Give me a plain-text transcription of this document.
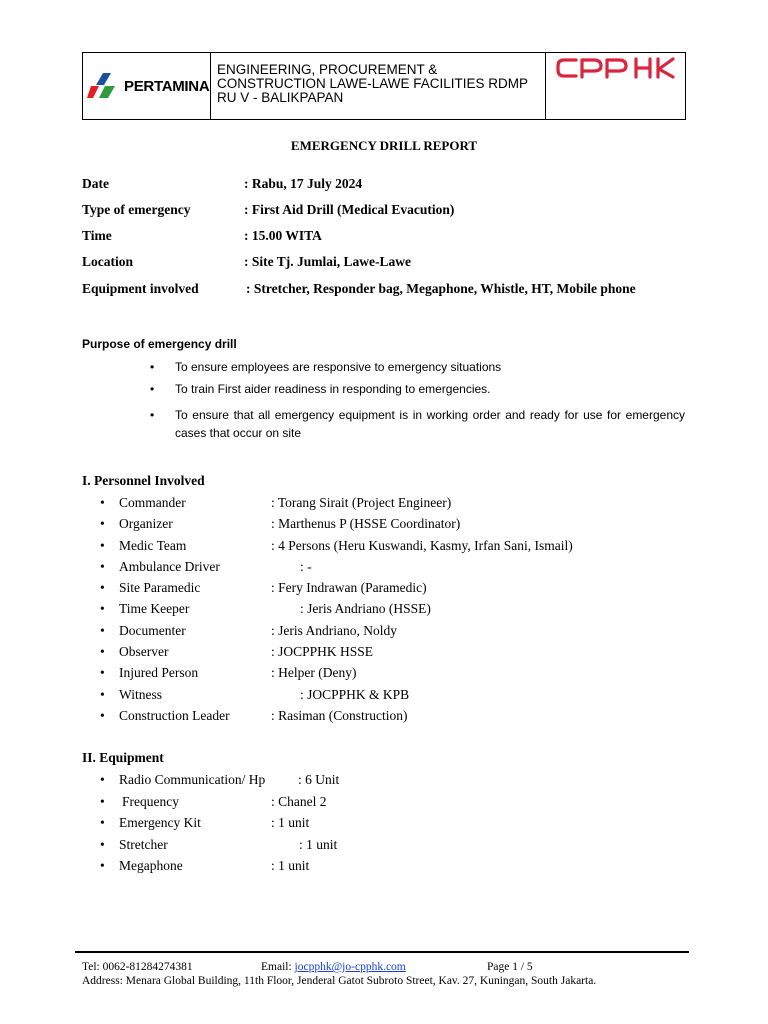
PERTAMINA
ENGINEERING, PROCUREMENT &
CONSTRUCTION LAWE-LAWE FACILITIES RDMP
RU V - BALIKPAPAN
EMERGENCY DRILL REPORT
Date	: Rabu, 17 July 2024
Type of emergency	: First Aid Drill (Medical Evacution)
Time	: 15.00 WITA
Location	: Site Tj. Jumlai, Lawe-Lawe
Equipment involved	: Stretcher, Responder bag, Megaphone, Whistle, HT, Mobile phone
Purpose of emergency drill
• To ensure employees are responsive to emergency situations
• To train First aider readiness in responding to emergencies.
• To ensure that all emergency equipment is in working order and ready for use for emergency cases that occur on site
I. Personnel Involved
• Commander	: Torang Sirait (Project Engineer)
• Organizer	: Marthenus P (HSSE Coordinator)
• Medic Team	: 4 Persons (Heru Kuswandi, Kasmy, Irfan Sani, Ismail)
• Ambulance Driver	: -
• Site Paramedic	: Fery Indrawan (Paramedic)
• Time Keeper	: Jeris Andriano (HSSE)
• Documenter	: Jeris Andriano, Noldy
• Observer	: JOCPPHK HSSE
• Injured Person	: Helper (Deny)
• Witness	: JOCPPHK & KPB
• Construction Leader	: Rasiman (Construction)
II. Equipment
• Radio Communication/ Hp : 6 Unit
• Frequency	: Chanel 2
• Emergency Kit	: 1 unit
• Stretcher	: 1 unit
• Megaphone	: 1 unit
Tel: 0062-81284274381	Email: jocpphk@jo-cpphk.com	Page 1 / 5
Address: Menara Global Building, 11th Floor, Jenderal Gatot Subroto Street, Kav. 27, Kuningan, South Jakarta.
